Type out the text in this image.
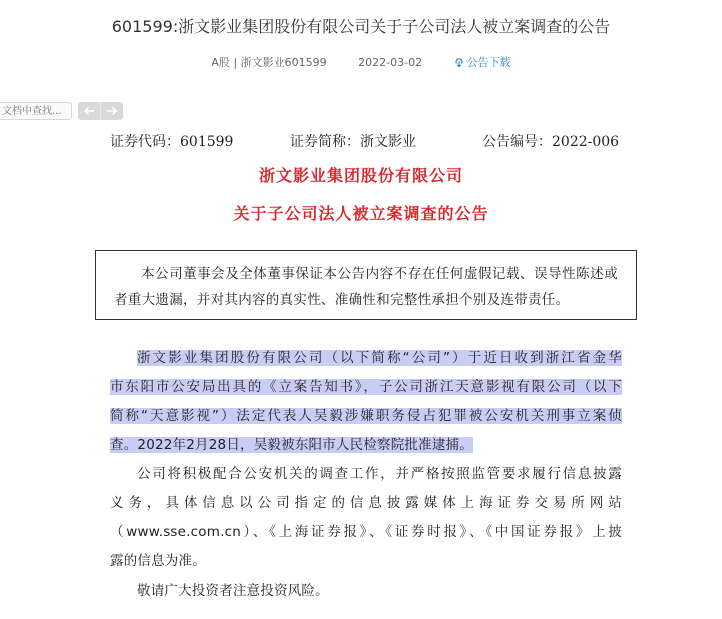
601599:浙文影业集团股份有限公司关于子公司法人被立案调查的公告
A股 | 浙文影业601599	2022-03-02	公告下载
文档中查找...
证券代码：601599	证券简称：浙文影业	公告编号：2022-006
浙文影业集团股份有限公司
关于子公司法人被立案调查的公告
本公司董事会及全体董事保证本公告内容不存在任何虚假记载、误导性陈述或者重大遗漏，并对其内容的真实性、准确性和完整性承担个别及连带责任。
浙文影业集团股份有限公司（以下简称“公司”）于近日收到浙江省金华
市东阳市公安局出具的《立案告知书》，子公司浙江天意影视有限公司（以下
简称“天意影视”）法定代表人吴毅涉嫌职务侵占犯罪被公安机关刑事立案侦
查。2022年2月28日，吴毅被东阳市人民检察院批准逮捕。
公司将积极配合公安机关的调查工作，并严格按照监管要求履行信息披露
义务，具体信息以公司指定的信息披露媒体上海证券交易所网站
（www.sse.com.cn）、《上海证券报》、《证券时报》、《中国证券报》上披
露的信息为准。
敬请广大投资者注意投资风险。
